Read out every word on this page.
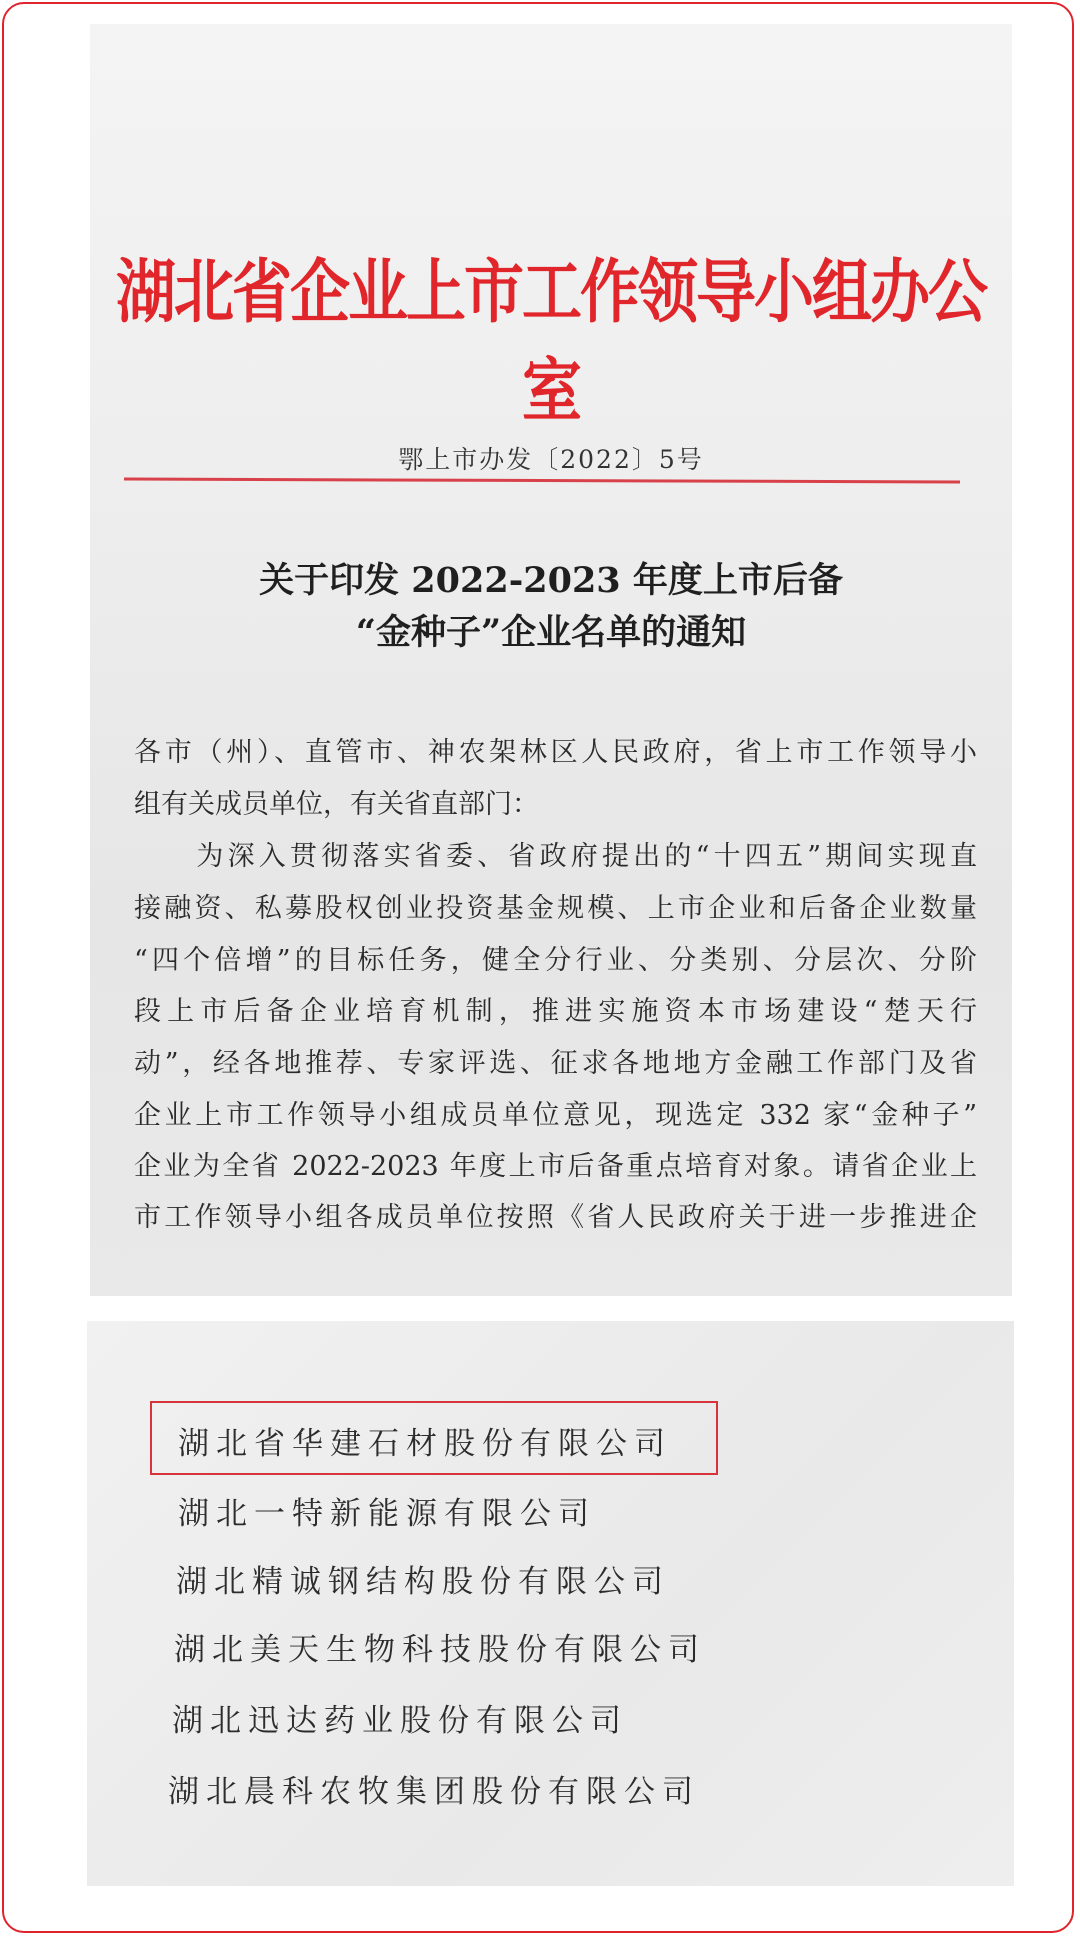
湖北省企业上市工作领导小组办公室
鄂上市办发〔2022〕5号
关于印发 2022-2023 年度上市后备
“金种子”企业名单的通知
各市（州）、直管市、神农架林区人民政府，省上市工作领导小
组有关成员单位，有关省直部门：
　　为深入贯彻落实省委、省政府提出的“十四五”期间实现直
接融资、私募股权创业投资基金规模、上市企业和后备企业数量
“四个倍增”的目标任务，健全分行业、分类别、分层次、分阶
段上市后备企业培育机制，推进实施资本市场建设“楚天行
动”，经各地推荐、专家评选、征求各地地方金融工作部门及省
企业上市工作领导小组成员单位意见，现选定 332 家“金种子”
企业为全省 2022-2023 年度上市后备重点培育对象。请省企业上
市工作领导小组各成员单位按照《省人民政府关于进一步推进企
湖北省华建石材股份有限公司
湖北一特新能源有限公司
湖北精诚钢结构股份有限公司
湖北美天生物科技股份有限公司
湖北迅达药业股份有限公司
湖北晨科农牧集团股份有限公司
